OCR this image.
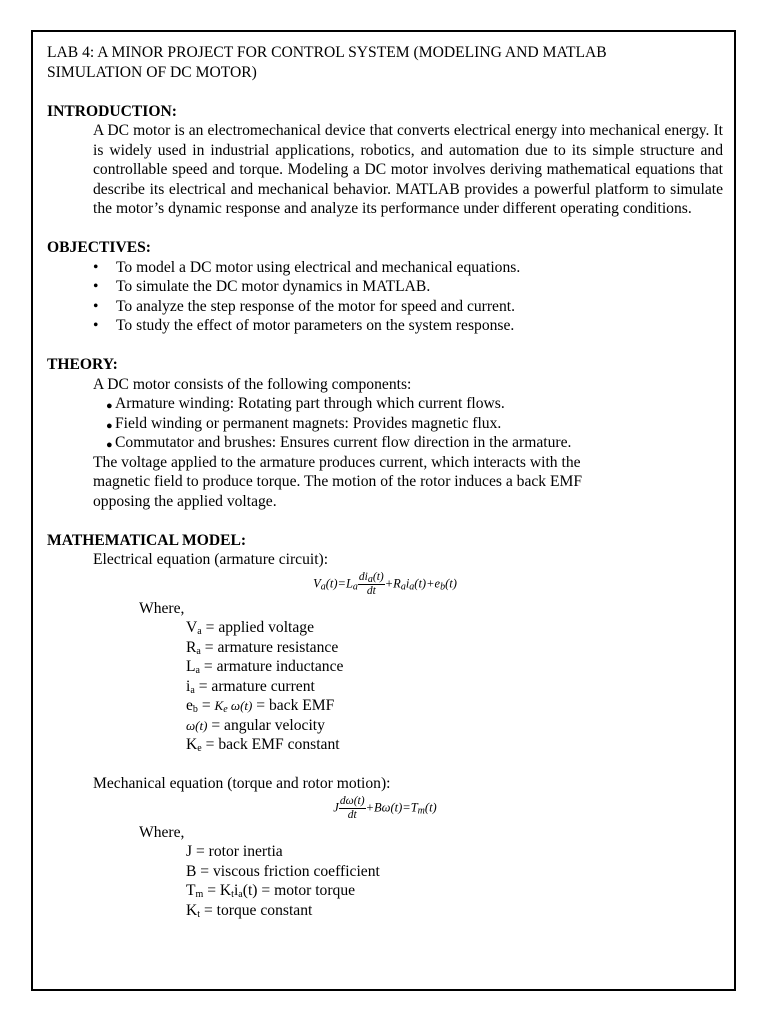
LAB 4: A MINOR PROJECT FOR CONTROL SYSTEM (MODELING AND MATLAB
SIMULATION OF DC MOTOR)

INTRODUCTION:

A DC motor is an electromechanical device that converts electrical energy into mechanical energy. It is widely used in industrial applications, robotics, and automation due to its simple structure and controllable speed and torque. Modeling a DC motor involves deriving mathematical equations that describe its electrical and mechanical behavior. MATLAB provides a powerful platform to simulate the motor’s dynamic response and analyze its performance under different operating conditions.

OBJECTIVES:
• To model a DC motor using electrical and mechanical equations.
• To simulate the DC motor dynamics in MATLAB.
• To analyze the step response of the motor for speed and current.
• To study the effect of motor parameters on the system response.
THEORY:
A DC motor consists of the following components:
● Armature winding: Rotating part through which current flows.
● Field winding or permanent magnets: Provides magnetic flux.
● Commutator and brushes: Ensures current flow direction in the armature.
The voltage applied to the armature produces current, which interacts with the
magnetic field to produce torque. The motion of the rotor induces a back EMF
opposing the applied voltage.
MATHEMATICAL MODEL:
Electrical equation (armature circuit):
$V_a(t)=L_a \frac{di_a(t)}{dt} +R_ai_a(t)+e_b(t)$
Where,
$V_a$ = applied voltage
$R_a$ = armature resistance
$L_a$ = armature inductance
$i_a$ = armature current
$e_b = K_e$ ω(t) = back EMF
ω(t) = angular velocity
$K_e$ = back EMF constant
Mechanical equation (torque and rotor motion):
J $\frac{d\omega(t)}{dt} +B\omega(t)=T_m(t)$
Where,
J = rotor inertia
B = viscous friction coefficient
$T_m = K_ti_a(t)$ = motor torque
$K_t$ = torque constant
